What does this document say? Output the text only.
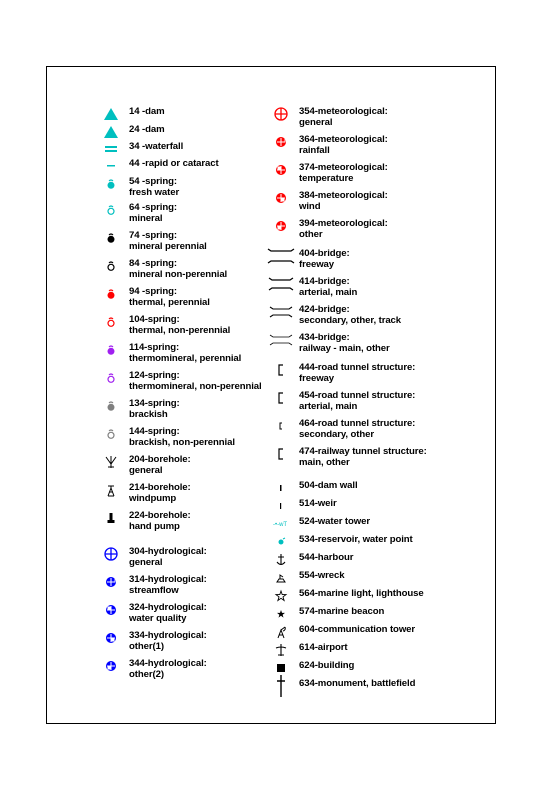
14 -dam
24 -dam
34 -waterfall
44 -rapid or cataract
54 -spring:
fresh water
64 -spring:
mineral
74 -spring:
mineral perennial
84 -spring:
mineral non-perennial
94 -spring:
thermal, perennial
104-spring:
thermal, non-perennial
114-spring:
thermomineral, perennial
124-spring:
thermomineral, non-perennial
134-spring:
brackish
144-spring:
brackish, non-perennial
204-borehole:
general
214-borehole:
windpump
224-borehole:
hand pump
304-hydrological:
general
314-hydrological:
streamflow
324-hydrological:
water quality
334-hydrological:
other(1)
344-hydrological:
other(2)
354-meteorological:
general
364-meteorological:
rainfall
374-meteorological:
temperature
384-meteorological:
wind
394-meteorological:
other
404-bridge:
freeway
414-bridge:
arterial, main
424-bridge:
secondary, other, track
434-bridge:
railway - main, other
444-road tunnel structure:
freeway
454-road tunnel structure:
arterial, main
464-road tunnel structure:
secondary, other
474-railway tunnel structure:
main, other
504-dam wall
514-weir
-•-wT 524-water tower
534-reservoir, water point
544-harbour
554-wreck
564-marine light, lighthouse
574-marine beacon
604-communication tower
614-airport
624-building
634-monument, battlefield
